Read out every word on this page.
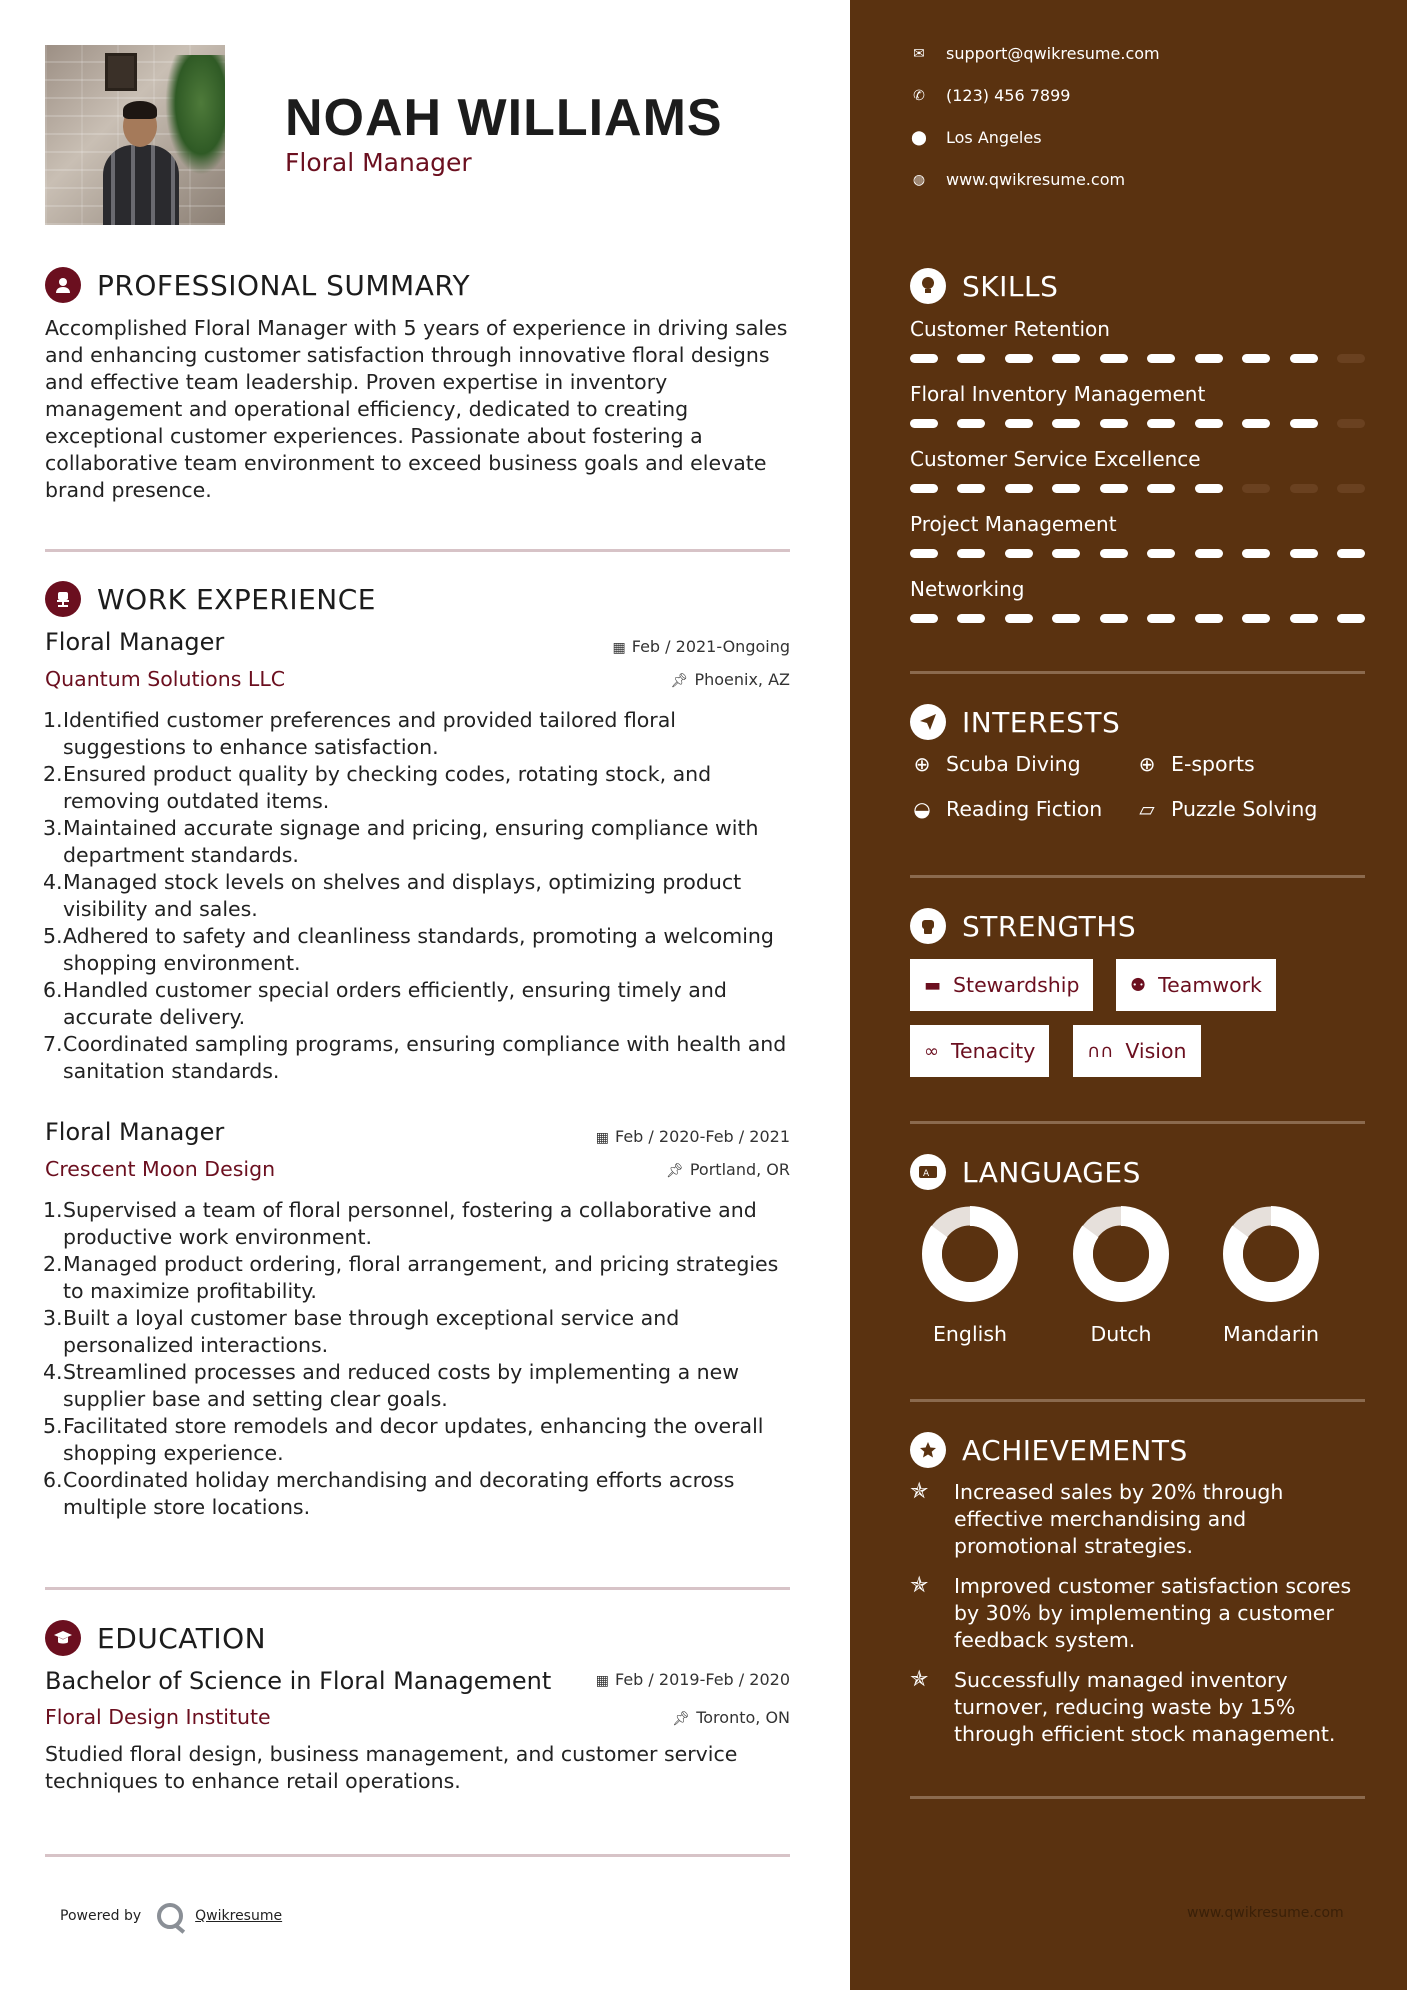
NOAH WILLIAMS
Floral Manager
PROFESSIONAL SUMMARY

Accomplished Floral Manager with 5 years of experience in driving sales and enhancing customer satisfaction through innovative floral designs and effective team leadership. Proven expertise in inventory management and operational efficiency, dedicated to creating exceptional customer experiences. Passionate about fostering a collaborative team environment to exceed business goals and elevate brand presence.

WORK EXPERIENCE
Floral Manager
Quantum Solutions LLC
▦ Feb / 2021-Ongoing
📌︎ Phoenix, AZ
Identified customer preferences and provided tailored floral suggestions to enhance satisfaction.
Ensured product quality by checking codes, rotating stock, and removing outdated items.
Maintained accurate signage and pricing, ensuring compliance with department standards.
Managed stock levels on shelves and displays, optimizing product visibility and sales.
Adhered to safety and cleanliness standards, promoting a welcoming shopping environment.
Handled customer special orders efficiently, ensuring timely and accurate delivery.
Coordinated sampling programs, ensuring compliance with health and sanitation standards.
Floral Manager
Crescent Moon Design
▦ Feb / 2020-Feb / 2021
📌︎ Portland, OR
Supervised a team of floral personnel, fostering a collaborative and productive work environment.
Managed product ordering, floral arrangement, and pricing strategies to maximize profitability.
Built a loyal customer base through exceptional service and personalized interactions.
Streamlined processes and reduced costs by implementing a new supplier base and setting clear goals.
Facilitated store remodels and decor updates, enhancing the overall shopping experience.
Coordinated holiday merchandising and decorating efforts across multiple store locations.
EDUCATION
Bachelor of Science in Floral Management
Floral Design Institute
▦ Feb / 2019-Feb / 2020
📌︎ Toronto, ON

Studied floral design, business management, and customer service techniques to enhance retail operations.

Powered by	Qwikresume
✉ support@qwikresume.com
✆ (123) 456 7899
⬤ Los Angeles
◍ www.qwikresume.com
SKILLS
Customer Retention
Floral Inventory Management
Customer Service Excellence
Project Management
Networking
INTERESTS
⊕ Scuba Diving	⊕ E-sports
◒ Reading Fiction ▱ Puzzle Solving
STRENGTHS
▬ Stewardship	⚉ Teamwork
∞ Tenacity	∩∩ Vision
A LANGUAGES
English	Dutch	Mandarin
ACHIEVEMENTS
✯	Increased sales by 20% through effective merchandising and promotional strategies.
✯	Improved customer satisfaction scores by 30% by implementing a customer feedback system.
✯	Successfully managed inventory turnover, reducing waste by 15% through efficient stock management.
www.qwikresume.com
